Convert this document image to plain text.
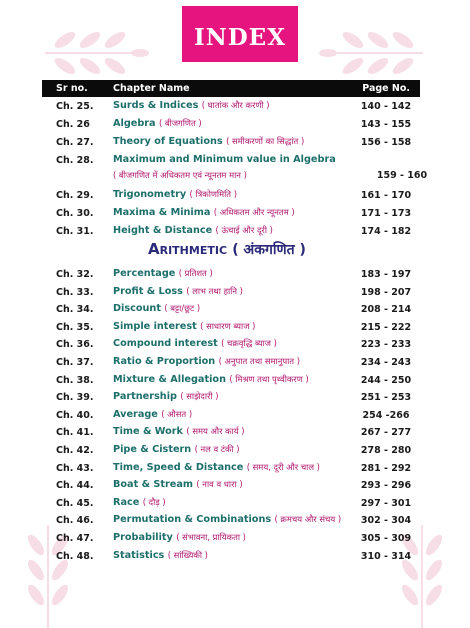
INDEX
Sr no.	Chapter Name	Page No.
Ch. 25. Surds & Indices ( घातांक और करणी )	140 - 142
Ch. 26 Algebra ( बीजगणित )	143 - 155
Ch. 27. Theory of Equations ( समीकरणों का सिद्धांत )	156 - 158
Ch. 28. Maximum and Minimum value in Algebra
( बीजगणित में अधिकतम एवं न्यूनतम मान )	159 - 160
Ch. 29. Trigonometry ( त्रिकोणमिति )	161 - 170
Ch. 30. Maxima & Minima ( अधिकतम और न्यूनतम )	171 - 173
Ch. 31. Height & Distance ( ऊंचाई और दूरी )	174 - 182
Arithmetic ( अंकगणित )
Ch. 32. Percentage ( प्रतिशत )	183 - 197
Ch. 33. Profit & Loss ( लाभ तथा हानि )	198 - 207
Ch. 34. Discount ( बट्टा/छूट )	208 - 214
Ch. 35. Simple interest ( साधारण ब्याज )	215 - 222
Ch. 36. Compound interest ( चक्रवृद्धि ब्याज )	223 - 233
Ch. 37. Ratio & Proportion ( अनुपात तथा समानुपात )	234 - 243
Ch. 38. Mixture & Allegation ( मिश्रण तथा पृथ्वीकरण )	244 - 250
Ch. 39. Partnership ( साझेदारी )	251 - 253
Ch. 40. Average ( औसत )	254 -266
Ch. 41. Time & Work ( समय और कार्य )	267 - 277
Ch. 42. Pipe & Cistern ( नल व टंकी )	278 - 280
Ch. 43. Time, Speed & Distance ( समय, दूरी और चाल )	281 - 292
Ch. 44. Boat & Stream ( नाव व धारा )	293 - 296
Ch. 45. Race ( दौड़ )	297 - 301
Ch. 46. Permutation & Combinations ( क्रमचय और संचय )	302 - 304
Ch. 47. Probability ( संभावना, प्रायिकता )	305 - 309
Ch. 48. Statistics ( सांख्यिकी )	310 - 314
